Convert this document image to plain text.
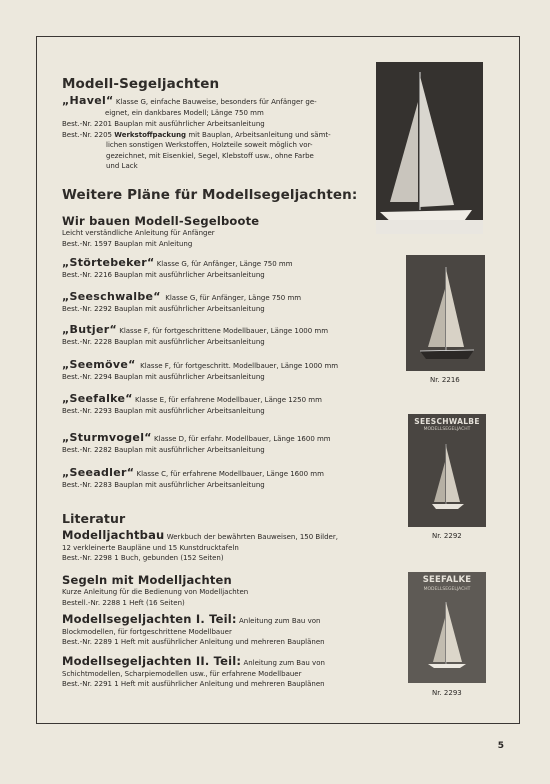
Modell-Segeljachten
„Havel“ Klasse G, einfache Bauweise, besonders für Anfänger ge-
eignet, ein dankbares Modell; Länge 750 mm
Best.-Nr. 2201 Bauplan mit ausführlicher Arbeitsanleitung
Best.-Nr. 2205 Werkstoffpackung mit Bauplan, Arbeitsanleitung und sämt-
lichen sonstigen Werkstoffen, Holzteile soweit möglich vor-
gezeichnet, mit Eisenkiel, Segel, Klebstoff usw., ohne Farbe
und Lack
Weitere Pläne für Modellsegeljachten:
Wir bauen Modell-Segelboote
Leicht verständliche Anleitung für Anfänger
Best.-Nr. 1597 Bauplan mit Anleitung
„Störtebeker“ Klasse G, für Anfänger, Länge 750 mm
Best.-Nr. 2216 Bauplan mit ausführlicher Arbeitsanleitung
„Seeschwalbe“ Klasse G, für Anfänger, Länge 750 mm
Best.-Nr. 2292 Bauplan mit ausführlicher Arbeitsanleitung
„Butjer“ Klasse F, für fortgeschrittene Modellbauer, Länge 1000 mm
Best.-Nr. 2228 Bauplan mit ausführlicher Arbeitsanleitung
„Seemöve“ Klasse F, für fortgeschritt. Modellbauer, Länge 1000 mm
Best.-Nr. 2294 Bauplan mit ausführlicher Arbeitsanleitung
„Seefalke“ Klasse E, für erfahrene Modellbauer, Länge 1250 mm
Best.-Nr. 2293 Bauplan mit ausführlicher Arbeitsanleitung
„Sturmvogel“ Klasse D, für erfahr. Modellbauer, Länge 1600 mm
Best.-Nr. 2282 Bauplan mit ausführlicher Arbeitsanleitung
„Seeadler“ Klasse C, für erfahrene Modellbauer, Länge 1600 mm
Best.-Nr. 2283 Bauplan mit ausführlicher Arbeitsanleitung
Literatur
Modelljachtbau Werkbuch der bewährten Bauweisen, 150 Bilder,
12 verkleinerte Baupläne und 15 Kunstdrucktafeln
Best.-Nr. 2298 1 Buch, gebunden (152 Seiten)
Segeln mit Modelljachten
Kurze Anleitung für die Bedienung von Modelljachten
Bestell.-Nr. 2288 1 Heft (16 Seiten)
Modellsegeljachten I. Teil: Anleitung zum Bau von
Blockmodellen, für fortgeschrittene Modellbauer
Best.-Nr. 2289 1 Heft mit ausführlicher Anleitung und mehreren Bauplänen
Modellsegeljachten II. Teil: Anleitung zum Bau von
Schichtmodellen, Scharpiemodellen usw., für erfahrene Modellbauer
Best.-Nr. 2291 1 Heft mit ausführlicher Anleitung und mehreren Bauplänen
Nr. 2216
SEESCHWALBE
MODELLSEGELJACHT
Nr. 2292
SEEFALKE
MODELLSEGELJACHT
Nr. 2293
5
